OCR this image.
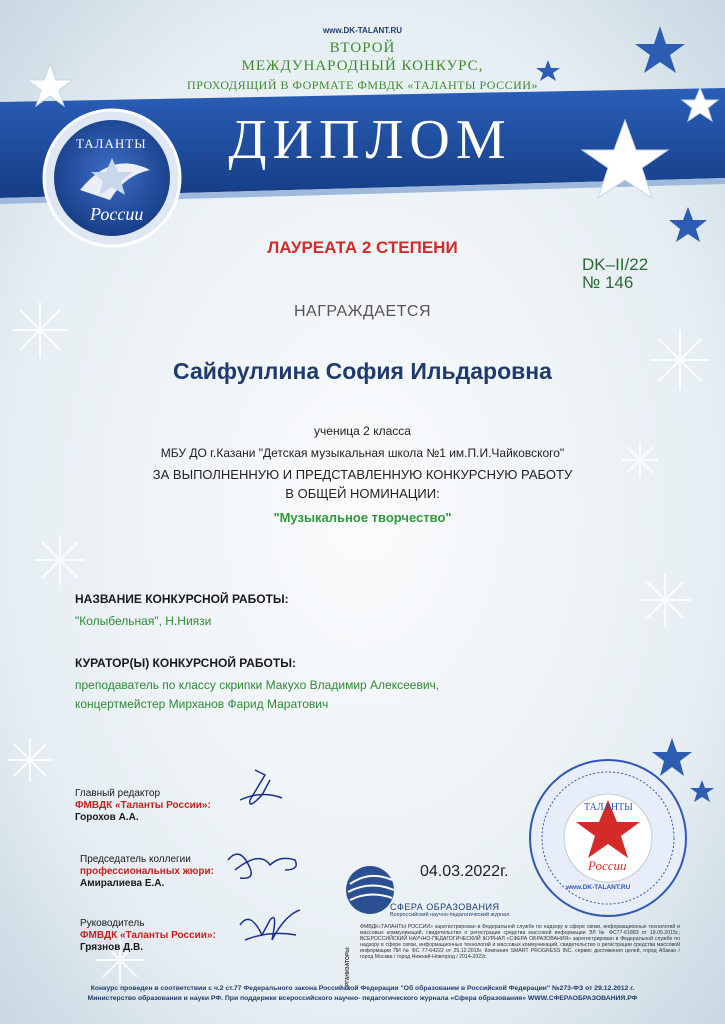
www.DK-TALANT.RU
ВТОРОЙ
МЕЖДУНАРОДНЫЙ КОНКУРС,
ПРОХОДЯЩИЙ В ФОРМАТЕ ФМВДК «ТАЛАНТЫ РОССИИ»
ДИПЛОМ
ТАЛАНТЫ
России
ЛАУРЕАТА 2 СТЕПЕНИ
DK–II/22
№ 146
НАГРАЖДАЕТСЯ
Сайфуллина София Ильдаровна
ученица 2 класса
МБУ ДО г.Казани "Детская музыкальная школа №1 им.П.И.Чайковского"
ЗА ВЫПОЛНЕННУЮ И ПРЕДСТАВЛЕННУЮ КОНКУРСНУЮ РАБОТУ
В ОБЩЕЙ НОМИНАЦИИ:
"Музыкальное творчество"
НАЗВАНИЕ КОНКУРСНОЙ РАБОТЫ:
"Колыбельная", Н.Ниязи
КУРАТОР(Ы) КОНКУРСНОЙ РАБОТЫ:
преподаватель по классу скрипки Макухо Владимир Алексеевич,
концертмейстер Мирханов Фарид Маратович
Главный редактор
ФМВДК «Таланты России»:
Горохов А.А.
Председатель коллегии
профессиональных жюри:
Амиралиева Е.А.
Руководитель
ФМВДК «Таланты России»:
Грязнов Д.В.
04.03.2022г.
СФЕРА ОБРАЗОВАНИЯ
Всероссийский научно-педагогический журнал
ОРГАНИЗАТОРЫ:
ФМВДК«ТАЛАНТЫ РОССИИ» зарегистрирован в Федеральной службе по надзору в сфере связи, информационных технологий и массовых коммуникаций, свидетельство о регистрации средства массовой информации ЭЛ № ФС77-61883 от 18.05.2015г.; ВСЕРОССИЙСКИЙ НАУЧНО-ПЕДАГОГИЧЕСКИЙ ЖУРНАЛ «СФЕРА ОБРАЗОВАНИЯ» зарегистрирован в Федеральной службе по надзору в сфере связи, информационных технологий и массовых коммуникаций, свидетельство о регистрации средства массовой информации ПИ № ФС 77-64222 от 25.12.2015г. Компания SMART PROGRESS INC. сервис достижения целей, город Абакан / город Москва / город Нижний-Новгород / 2014-2022г.
ТАЛАНТЫ
России
www.DK-TALANT.RU
Конкурс проведен в соответствии с ч.2 ст.77 Федерального закона Российской Федерации "Об образовании в Российской Федерации" №273-ФЗ от 29.12.2012 г.
Министерство образования и науки РФ. При поддержке всероссийского научно- педагогического журнала «Сфера образования» WWW.СФЕРАОБРАЗОВАНИЯ.РФ
